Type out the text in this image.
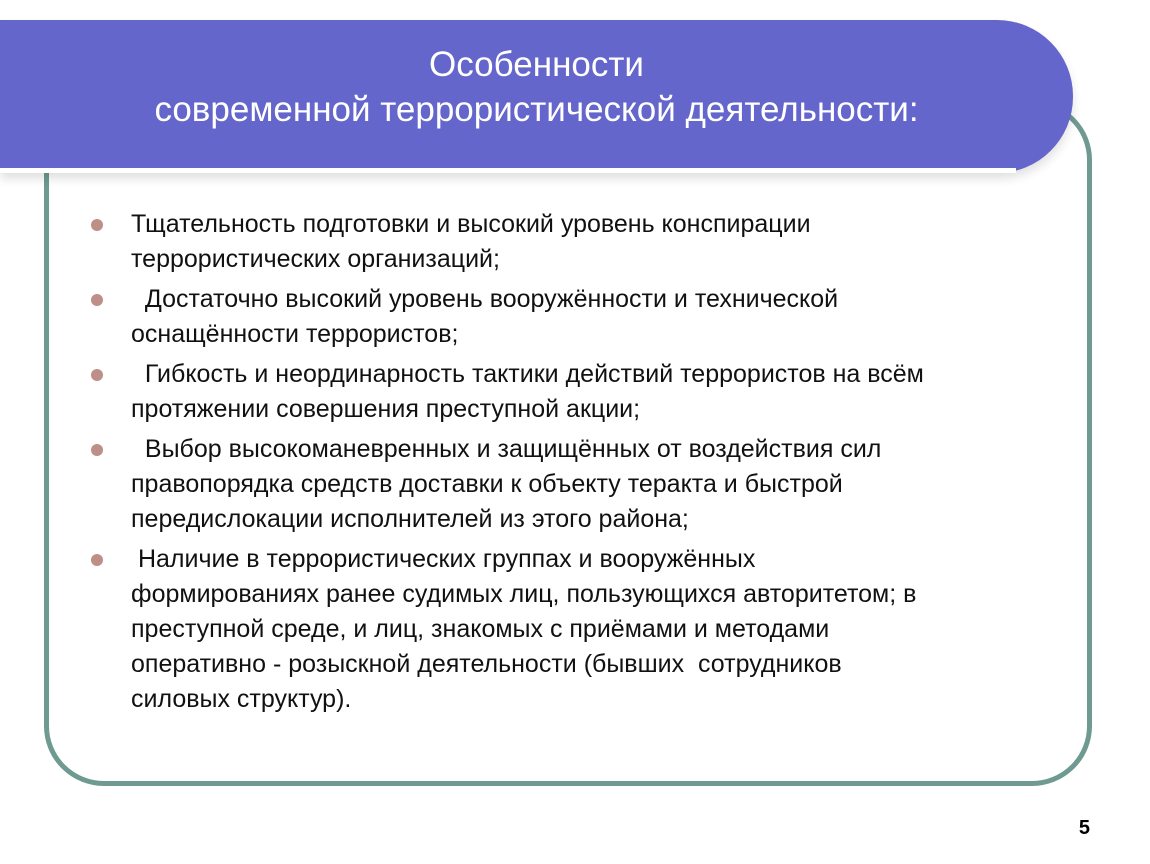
Особенности
современной террористической деятельности:
Тщательность подготовки и высокий уровень конспирации
террористических организаций;
Достаточно высокий уровень вооружённости и технической
оснащённости террористов;
Гибкость и неординарность тактики действий террористов на всём
протяжении совершения преступной акции;
Выбор высокоманевренных и защищённых от воздействия сил
правопорядка средств доставки к объекту теракта и быстрой
передислокации исполнителей из этого района;
Наличие в террористических группах и вооружённых
формированиях ранее судимых лиц, пользующихся авторитетом; в
преступной среде, и лиц, знакомых с приёмами и методами
оперативно - розыскной деятельности (бывших  сотрудников
силовых структур).
5
